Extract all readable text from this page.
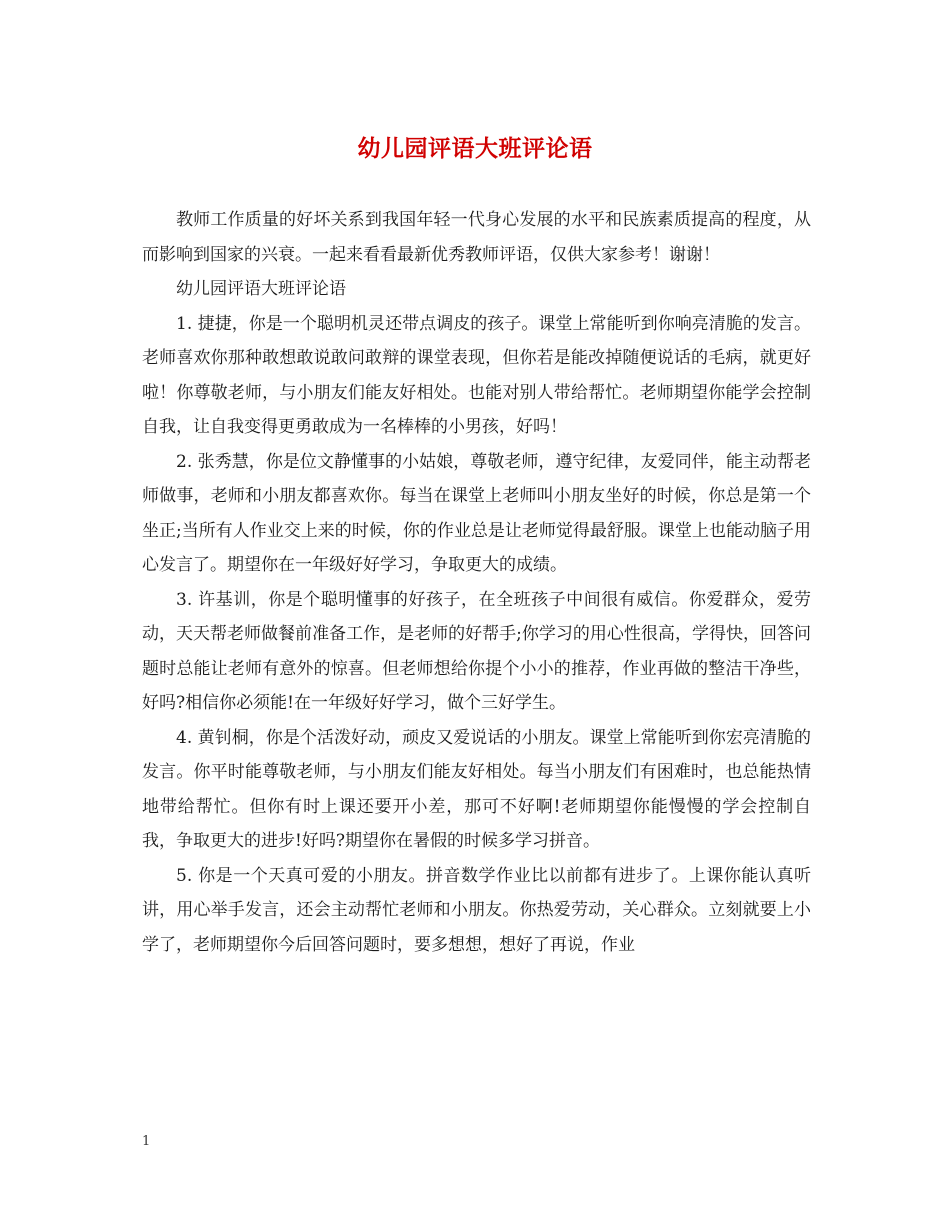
幼儿园评语大班评论语

教师工作质量的好坏关系到我国年轻一代身心发展的水平和民族素质提高的程度，从而影响到国家的兴衰。一起来看看最新优秀教师评语，仅供大家参考！谢谢！

幼儿园评语大班评论语

1. 捷捷，你是一个聪明机灵还带点调皮的孩子。课堂上常能听到你响亮清脆的发言。老师喜欢你那种敢想敢说敢问敢辩的课堂表现，但你若是能改掉随便说话的毛病，就更好啦！你尊敬老师，与小朋友们能友好相处。也能对别人带给帮忙。老师期望你能学会控制自我，让自我变得更勇敢成为一名棒棒的小男孩，好吗！

2. 张秀慧，你是位文静懂事的小姑娘，尊敬老师，遵守纪律，友爱同伴，能主动帮老师做事，老师和小朋友都喜欢你。每当在课堂上老师叫小朋友坐好的时候，你总是第一个坐正;当所有人作业交上来的时候，你的作业总是让老师觉得最舒服。课堂上也能动脑子用心发言了。期望你在一年级好好学习，争取更大的成绩。

3. 许基训，你是个聪明懂事的好孩子，在全班孩子中间很有威信。你爱群众，爱劳动，天天帮老师做餐前准备工作，是老师的好帮手;你学习的用心性很高，学得快，回答问题时总能让老师有意外的惊喜。但老师想给你提个小小的推荐，作业再做的整洁干净些，好吗?相信你必须能!在一年级好好学习，做个三好学生。

4. 黄钊桐，你是个活泼好动，顽皮又爱说话的小朋友。课堂上常能听到你宏亮清脆的发言。你平时能尊敬老师，与小朋友们能友好相处。每当小朋友们有困难时，也总能热情地带给帮忙。但你有时上课还要开小差，那可不好啊!老师期望你能慢慢的学会控制自我，争取更大的进步!好吗?期望你在暑假的时候多学习拼音。

5. 你是一个天真可爱的小朋友。拼音数学作业比以前都有进步了。上课你能认真听讲，用心举手发言，还会主动帮忙老师和小朋友。你热爱劳动，关心群众。立刻就要上小学了，老师期望你今后回答问题时，要多想想，想好了再说，作业

1
